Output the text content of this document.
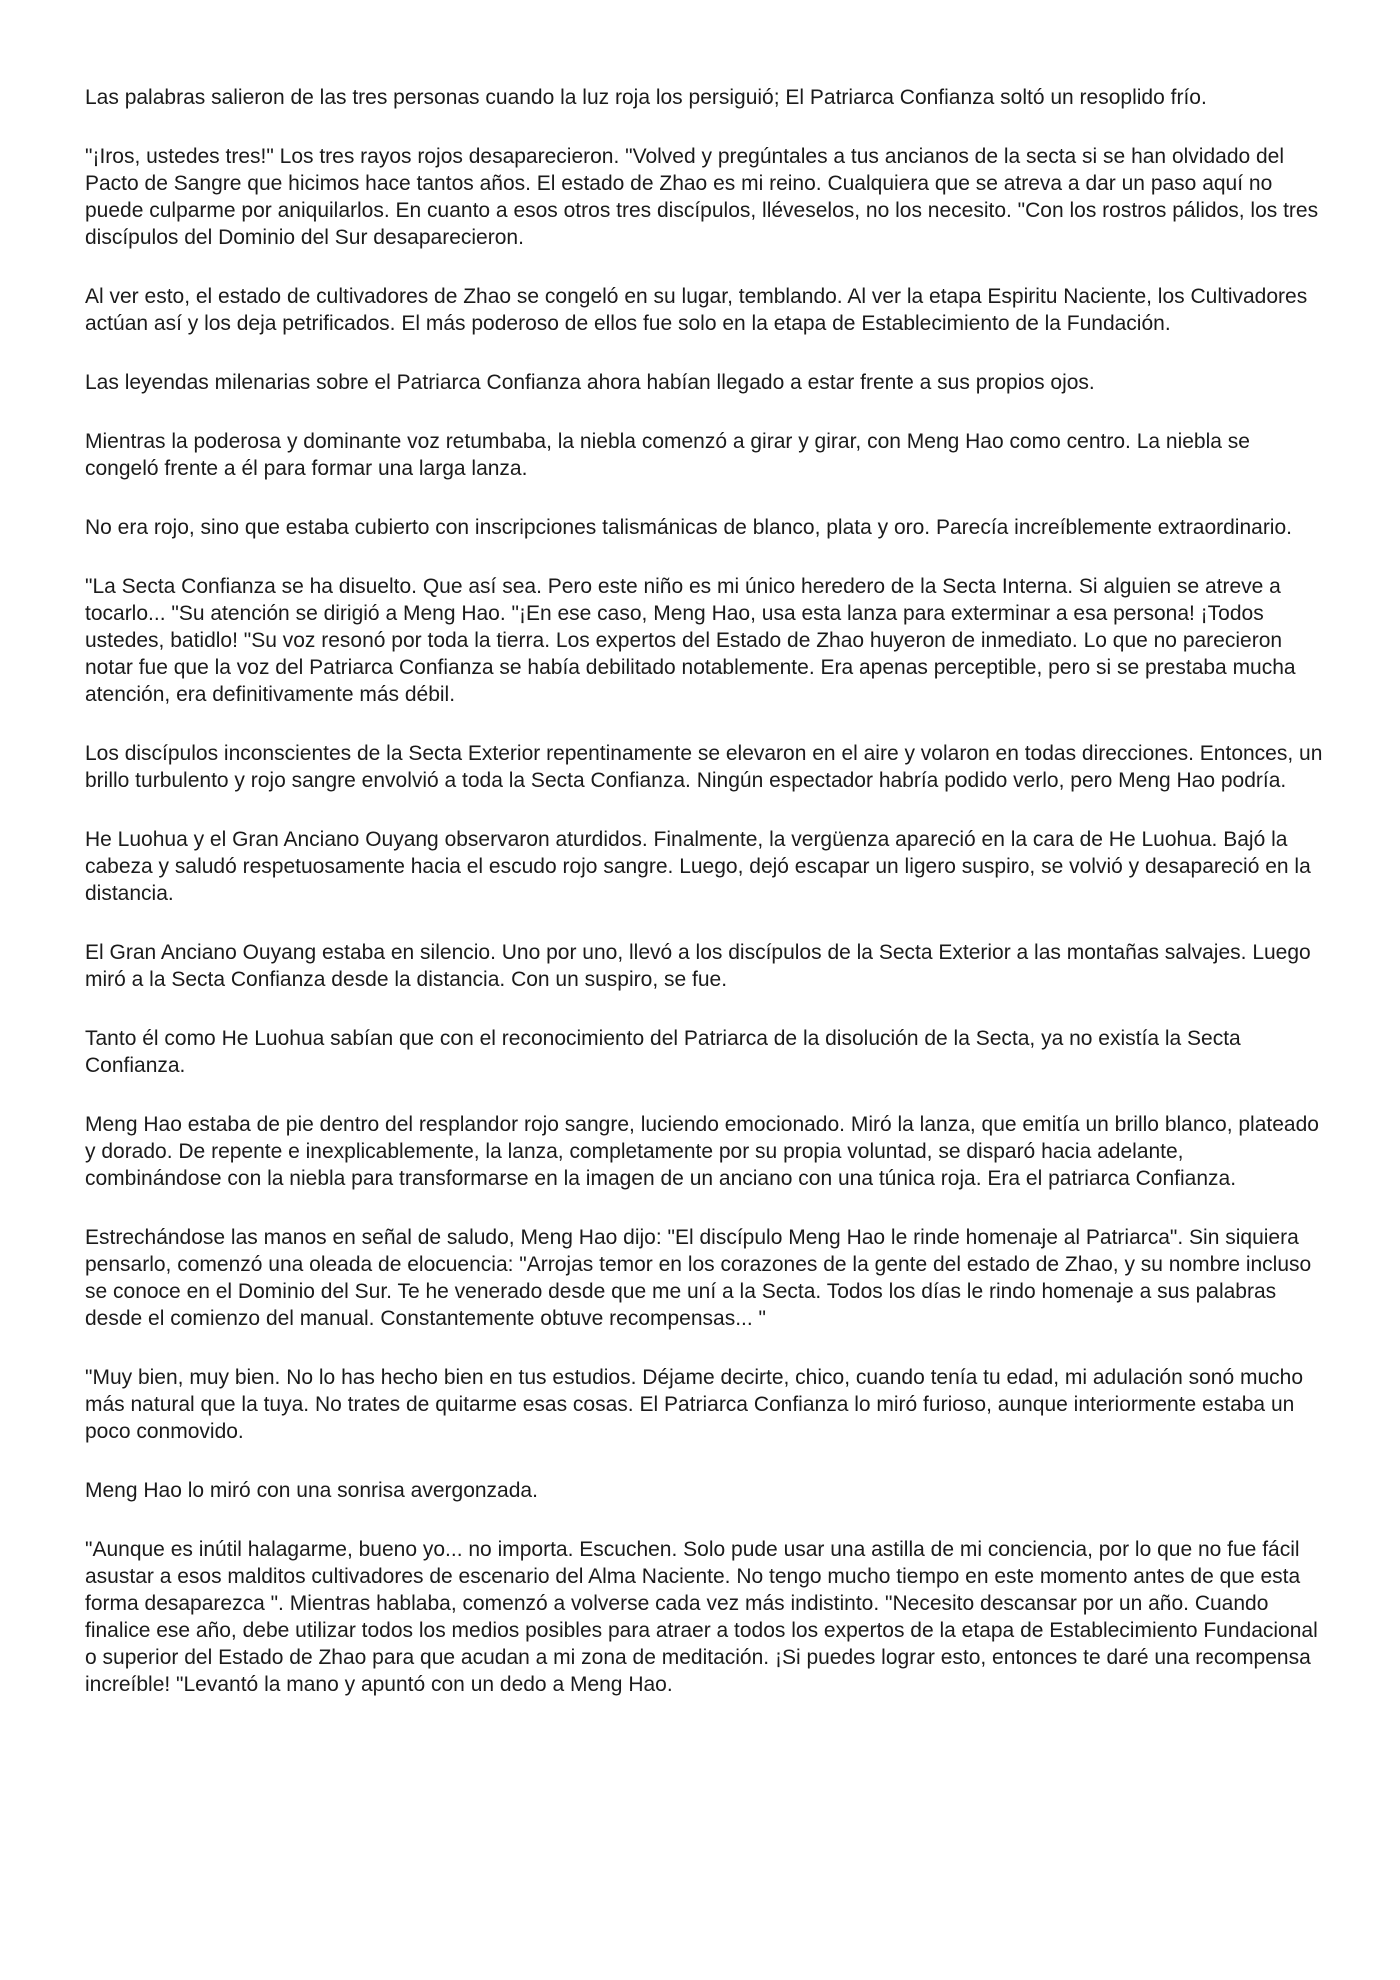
Las palabras salieron de las tres personas cuando la luz roja los persiguió; El Patriarca Confianza soltó un resoplido frío.

"¡Iros, ustedes tres!" Los tres rayos rojos desaparecieron. "Volved y pregúntales a tus ancianos de la secta si se han olvidado del Pacto de Sangre que hicimos hace tantos años. El estado de Zhao es mi reino. Cualquiera que se atreva a dar un paso aquí no puede culparme por aniquilarlos. En cuanto a esos otros tres discípulos, lléveselos, no los necesito. "Con los rostros pálidos, los tres discípulos del Dominio del Sur desaparecieron.

Al ver esto, el estado de cultivadores de Zhao se congeló en su lugar, temblando. Al ver la etapa Espiritu Naciente, los Cultivadores actúan así y los deja petrificados. El más poderoso de ellos fue solo en la etapa de Establecimiento de la Fundación.

Las leyendas milenarias sobre el Patriarca Confianza ahora habían llegado a estar frente a sus propios ojos.

Mientras la poderosa y dominante voz retumbaba, la niebla comenzó a girar y girar, con Meng Hao como centro. La niebla se congeló frente a él para formar una larga lanza.

No era rojo, sino que estaba cubierto con inscripciones talismánicas de blanco, plata y oro. Parecía increíblemente extraordinario.

"La Secta Confianza se ha disuelto. Que así sea. Pero este niño es mi único heredero de la Secta Interna. Si alguien se atreve a tocarlo... "Su atención se dirigió a Meng Hao. "¡En ese caso, Meng Hao, usa esta lanza para exterminar a esa persona! ¡Todos ustedes, batidlo! "Su voz resonó por toda la tierra. Los expertos del Estado de Zhao huyeron de inmediato. Lo que no parecieron notar fue que la voz del Patriarca Confianza se había debilitado notablemente. Era apenas perceptible, pero si se prestaba mucha atención, era definitivamente más débil.

Los discípulos inconscientes de la Secta Exterior repentinamente se elevaron en el aire y volaron en todas direcciones. Entonces, un brillo turbulento y rojo sangre envolvió a toda la Secta Confianza. Ningún espectador habría podido verlo, pero Meng Hao podría.

He Luohua y el Gran Anciano Ouyang observaron aturdidos. Finalmente, la vergüenza apareció en la cara de He Luohua. Bajó la cabeza y saludó respetuosamente hacia el escudo rojo sangre. Luego, dejó escapar un ligero suspiro, se volvió y desapareció en la distancia.

El Gran Anciano Ouyang estaba en silencio. Uno por uno, llevó a los discípulos de la Secta Exterior a las montañas salvajes. Luego miró a la Secta Confianza desde la distancia. Con un suspiro, se fue.

Tanto él como He Luohua sabían que con el reconocimiento del Patriarca de la disolución de la Secta, ya no existía la Secta Confianza.

Meng Hao estaba de pie dentro del resplandor rojo sangre, luciendo emocionado. Miró la lanza, que emitía un brillo blanco, plateado y dorado. De repente e inexplicablemente, la lanza, completamente por su propia voluntad, se disparó hacia adelante, combinándose con la niebla para transformarse en la imagen de un anciano con una túnica roja. Era el patriarca Confianza.

Estrechándose las manos en señal de saludo, Meng Hao dijo: "El discípulo Meng Hao le rinde homenaje al Patriarca". Sin siquiera pensarlo, comenzó una oleada de elocuencia: "Arrojas temor en los corazones de la gente del estado de Zhao, y su nombre incluso se conoce en el Dominio del Sur. Te he venerado desde que me uní a la Secta. Todos los días le rindo homenaje a sus palabras desde el comienzo del manual. Constantemente obtuve recompensas... "

"Muy bien, muy bien. No lo has hecho bien en tus estudios. Déjame decirte, chico, cuando tenía tu edad, mi adulación sonó mucho más natural que la tuya. No trates de quitarme esas cosas. El Patriarca Confianza lo miró furioso, aunque interiormente estaba un poco conmovido.

Meng Hao lo miró con una sonrisa avergonzada.

"Aunque es inútil halagarme, bueno yo... no importa. Escuchen. Solo pude usar una astilla de mi conciencia, por lo que no fue fácil asustar a esos malditos cultivadores de escenario del Alma Naciente. No tengo mucho tiempo en este momento antes de que esta forma desaparezca ". Mientras hablaba, comenzó a volverse cada vez más indistinto. "Necesito descansar por un año. Cuando finalice ese año, debe utilizar todos los medios posibles para atraer a todos los expertos de la etapa de Establecimiento Fundacional o superior del Estado de Zhao para que acudan a mi zona de meditación. ¡Si puedes lograr esto, entonces te daré una recompensa increíble! "Levantó la mano y apuntó con un dedo a Meng Hao.
